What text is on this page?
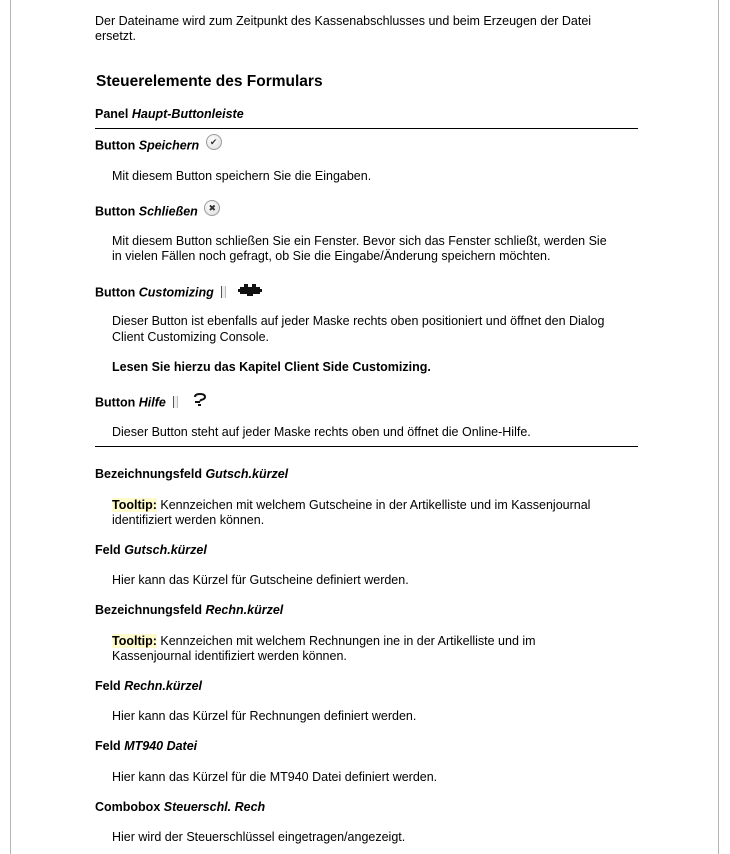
Der Dateiname wird zum Zeitpunkt des Kassenabschlusses und beim Erzeugen der Datei
ersetzt.
Steuerelemente des Formulars
Panel Haupt-Buttonleiste
Button Speichern ✔
Mit diesem Button speichern Sie die Eingaben.
Button Schließen ✖
Mit diesem Button schließen Sie ein Fenster. Bevor sich das Fenster schließt, werden Sie
in vielen Fällen noch gefragt, ob Sie die Eingabe/Änderung speichern möchten.
Button Customizing
Dieser Button ist ebenfalls auf jeder Maske rechts oben positioniert und öffnet den Dialog
Client Customizing Console.
Lesen Sie hierzu das Kapitel Client Side Customizing.
Button Hilfe
Dieser Button steht auf jeder Maske rechts oben und öffnet die Online-Hilfe.
Bezeichnungsfeld Gutsch.kürzel
Tooltip: Kennzeichen mit welchem Gutscheine in der Artikelliste und im Kassenjournal
identifiziert werden können.
Feld Gutsch.kürzel
Hier kann das Kürzel für Gutscheine definiert werden.
Bezeichnungsfeld Rechn.kürzel
Tooltip: Kennzeichen mit welchem Rechnungen ine in der Artikelliste und im
Kassenjournal identifiziert werden können.
Feld Rechn.kürzel
Hier kann das Kürzel für Rechnungen definiert werden.
Feld MT940 Datei
Hier kann das Kürzel für die MT940 Datei definiert werden.
Combobox Steuerschl. Rech
Hier wird der Steuerschlüssel eingetragen/angezeigt.
